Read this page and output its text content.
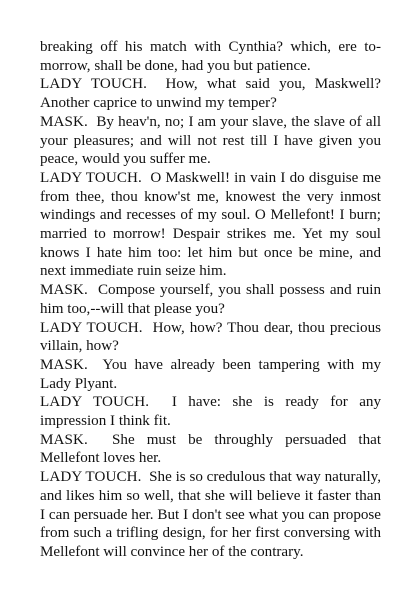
breaking off his match with Cynthia? which, ere to-morrow, shall be done, had you but patience.

LADY TOUCH. How, what said you, Maskwell? Another caprice to unwind my temper?

MASK. By heav'n, no; I am your slave, the slave of all your pleasures; and will not rest till I have given you peace, would you suffer me.

LADY TOUCH. O Maskwell! in vain I do disguise me from thee, thou know'st me, knowest the very inmost windings and recesses of my soul. O Mellefont! I burn; married to morrow! Despair strikes me. Yet my soul knows I hate him too: let him but once be mine, and next immediate ruin seize him.

MASK. Compose yourself, you shall possess and ruin him too,--will that please you?

LADY TOUCH. How, how? Thou dear, thou precious villain, how?

MASK. You have already been tampering with my Lady Plyant.

LADY TOUCH. I have: she is ready for any impression I think fit.

MASK. She must be throughly persuaded that Mellefont loves her.

LADY TOUCH. She is so credulous that way naturally, and likes him so well, that she will believe it faster than I can persuade her. But I don't see what you can propose from such a trifling design, for her first conversing with Mellefont will convince her of the contrary.
